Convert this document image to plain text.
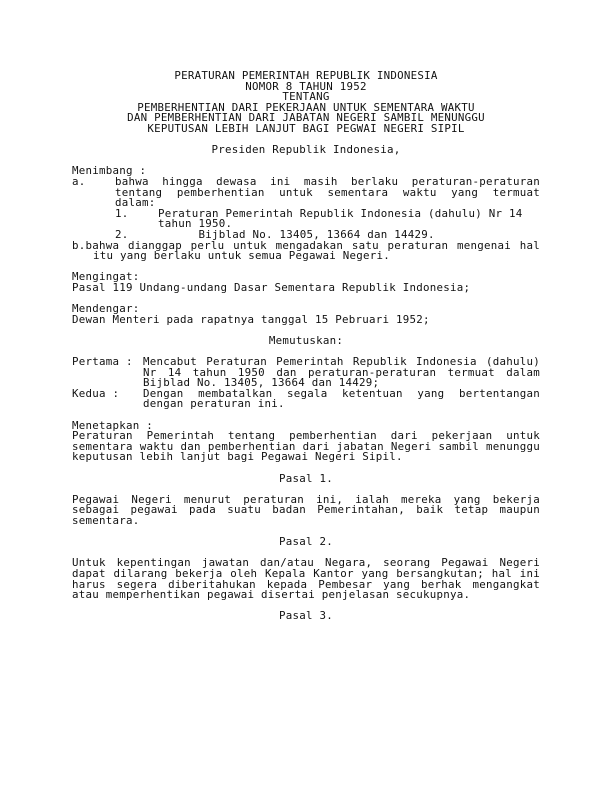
PERATURAN PEMERINTAH REPUBLIK INDONESIA
NOMOR 8 TAHUN 1952
TENTANG
PEMBERHENTIAN DARI PEKERJAAN UNTUK SEMENTARA WAKTU
DAN PEMBERHENTIAN DARI JABATAN NEGERI SAMBIL MENUNGGU
KEPUTUSAN LEBIH LANJUT BAGI PEGWAI NEGERI SIPIL
Presiden Republik Indonesia,
Menimbang :
a.	bahwa hingga dewasa ini masih berlaku peraturan-peraturan tentang pemberhentian untuk sementara waktu yang termuat dalam:
1.	Peraturan Pemerintah Republik Indonesia (dahulu) Nr 14 tahun 1950.
2.	Bijblad No. 13405, 13664 dan 14429.
b.bahwa dianggap perlu untuk mengadakan satu peraturan mengenai hal itu yang berlaku untuk semua Pegawai Negeri.
Mengingat:
Pasal 119 Undang-undang Dasar Sementara Republik Indonesia;
Mendengar:
Dewan Menteri pada rapatnya tanggal 15 Pebruari 1952;
Memutuskan:
Pertama : Mencabut Peraturan Pemerintah Republik Indonesia (dahulu) Nr 14 tahun 1950 dan peraturan-peraturan termuat dalam Bijblad No. 13405, 13664 dan 14429;
Kedua :	Dengan membatalkan segala ketentuan yang bertentangan dengan peraturan ini.
Menetapkan :
Peraturan Pemerintah tentang pemberhentian dari pekerjaan untuk sementara waktu dan pemberhentian dari jabatan Negeri sambil menunggu keputusan lebih lanjut bagi Pegawai Negeri Sipil.
Pasal 1.
Pegawai Negeri menurut peraturan ini, ialah mereka yang bekerja sebagai pegawai pada suatu badan Pemerintahan, baik tetap maupun sementara.
Pasal 2.
Untuk kepentingan jawatan dan/atau Negara, seorang Pegawai Negeri dapat dilarang bekerja oleh Kepala Kantor yang bersangkutan; hal ini harus segera diberitahukan kepada Pembesar yang berhak mengangkat atau memperhentikan pegawai disertai penjelasan secukupnya.
Pasal 3.
